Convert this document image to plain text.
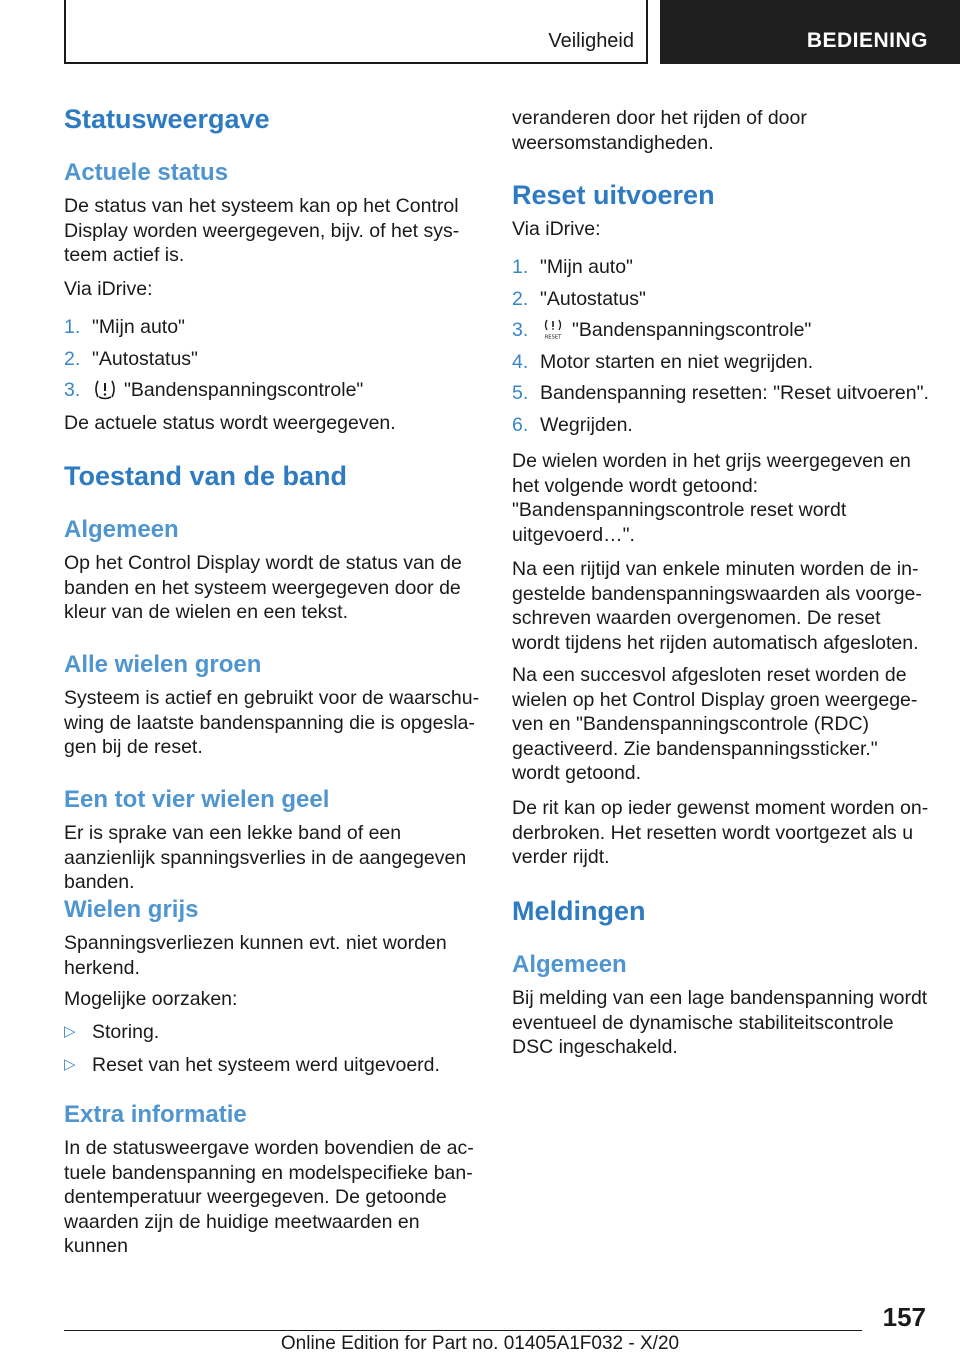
Veiligheid	BEDIENING
Statusweergave
Actuele status

De status van het systeem kan op het Control Display worden weergegeven, bijv. of het systeem actief is.

Via iDrive:

1. "Mijn auto"
2. "Autostatus"
3.	"Bandenspanningscontrole"

De actuele status wordt weergegeven.

Toestand van de band
Algemeen

Op het Control Display wordt de status van de banden en het systeem weergegeven door de kleur van de wielen en een tekst.

Alle wielen groen

Systeem is actief en gebruikt voor de waarschuwing de laatste bandenspanning die is opgeslagen bij de reset.

Een tot vier wielen geel

Er is sprake van een lekke band of een aanzienlijk spanningsverlies in de aangegeven banden.

Wielen grijs

Spanningsverliezen kunnen evt. niet worden herkend.

Mogelijke oorzaken:

▷ Storing.
▷ Reset van het systeem werd uitgevoerd.
Extra informatie

In de statusweergave worden bovendien de actuele bandenspanning en modelspecifieke bandentemperatuur weergegeven. De getoonde waarden zijn de huidige meetwaarden en kunnen

veranderen door het rijden of door weersomstandigheden.

Reset uitvoeren

Via iDrive:

1. "Mijn auto"
2. "Autostatus"
3.	RESET "Bandenspanningscontrole"
4. Motor starten en niet wegrijden.
5. Bandenspanning resetten: "Reset uitvoeren".
6. Wegrijden.

De wielen worden in het grijs weergegeven en het volgende wordt getoond: "Bandenspanningscontrole reset wordt uitgevoerd…".

Na een rijtijd van enkele minuten worden de ingestelde bandenspanningswaarden als voorgeschreven waarden overgenomen. De reset wordt tijdens het rijden automatisch afgesloten.

Na een succesvol afgesloten reset worden de wielen op het Control Display groen weergegeven en "Bandenspanningscontrole (RDC) geactiveerd. Zie bandenspanningssticker." wordt getoond.

De rit kan op ieder gewenst moment worden onderbroken. Het resetten wordt voortgezet als u verder rijdt.

Meldingen
Algemeen

Bij melding van een lage bandenspanning wordt eventueel de dynamische stabiliteitscontrole DSC ingeschakeld.

157
Online Edition for Part no. 01405A1F032 - X/20
